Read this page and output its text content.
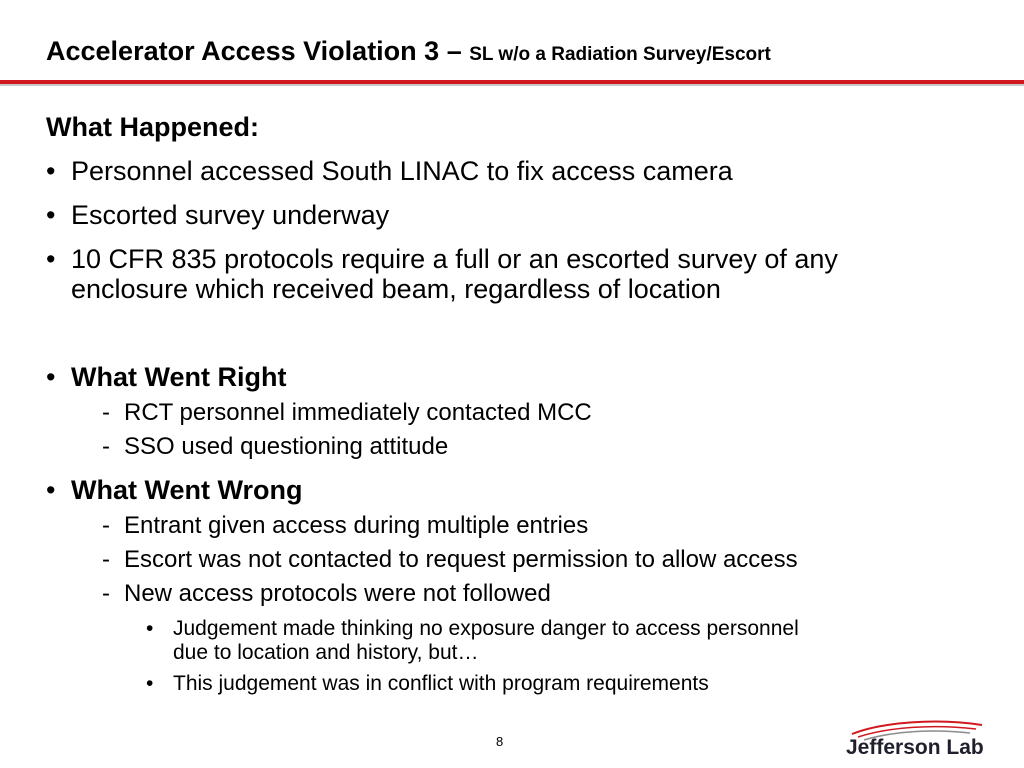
Accelerator Access Violation 3 – SL w/o a Radiation Survey/Escort
What Happened:
• Personnel accessed South LINAC to fix access camera
• Escorted survey underway
• 10 CFR 835 protocols require a full or an escorted survey of any
enclosure which received beam, regardless of location
• What Went Right
- RCT personnel immediately contacted MCC
- SSO used questioning attitude
• What Went Wrong
- Entrant given access during multiple entries
- Escort was not contacted to request permission to allow access
- New access protocols were not followed
• Judgement made thinking no exposure danger to access personnel
due to location and history, but…
• This judgement was in conflict with program requirements
8	Jefferson Lab
